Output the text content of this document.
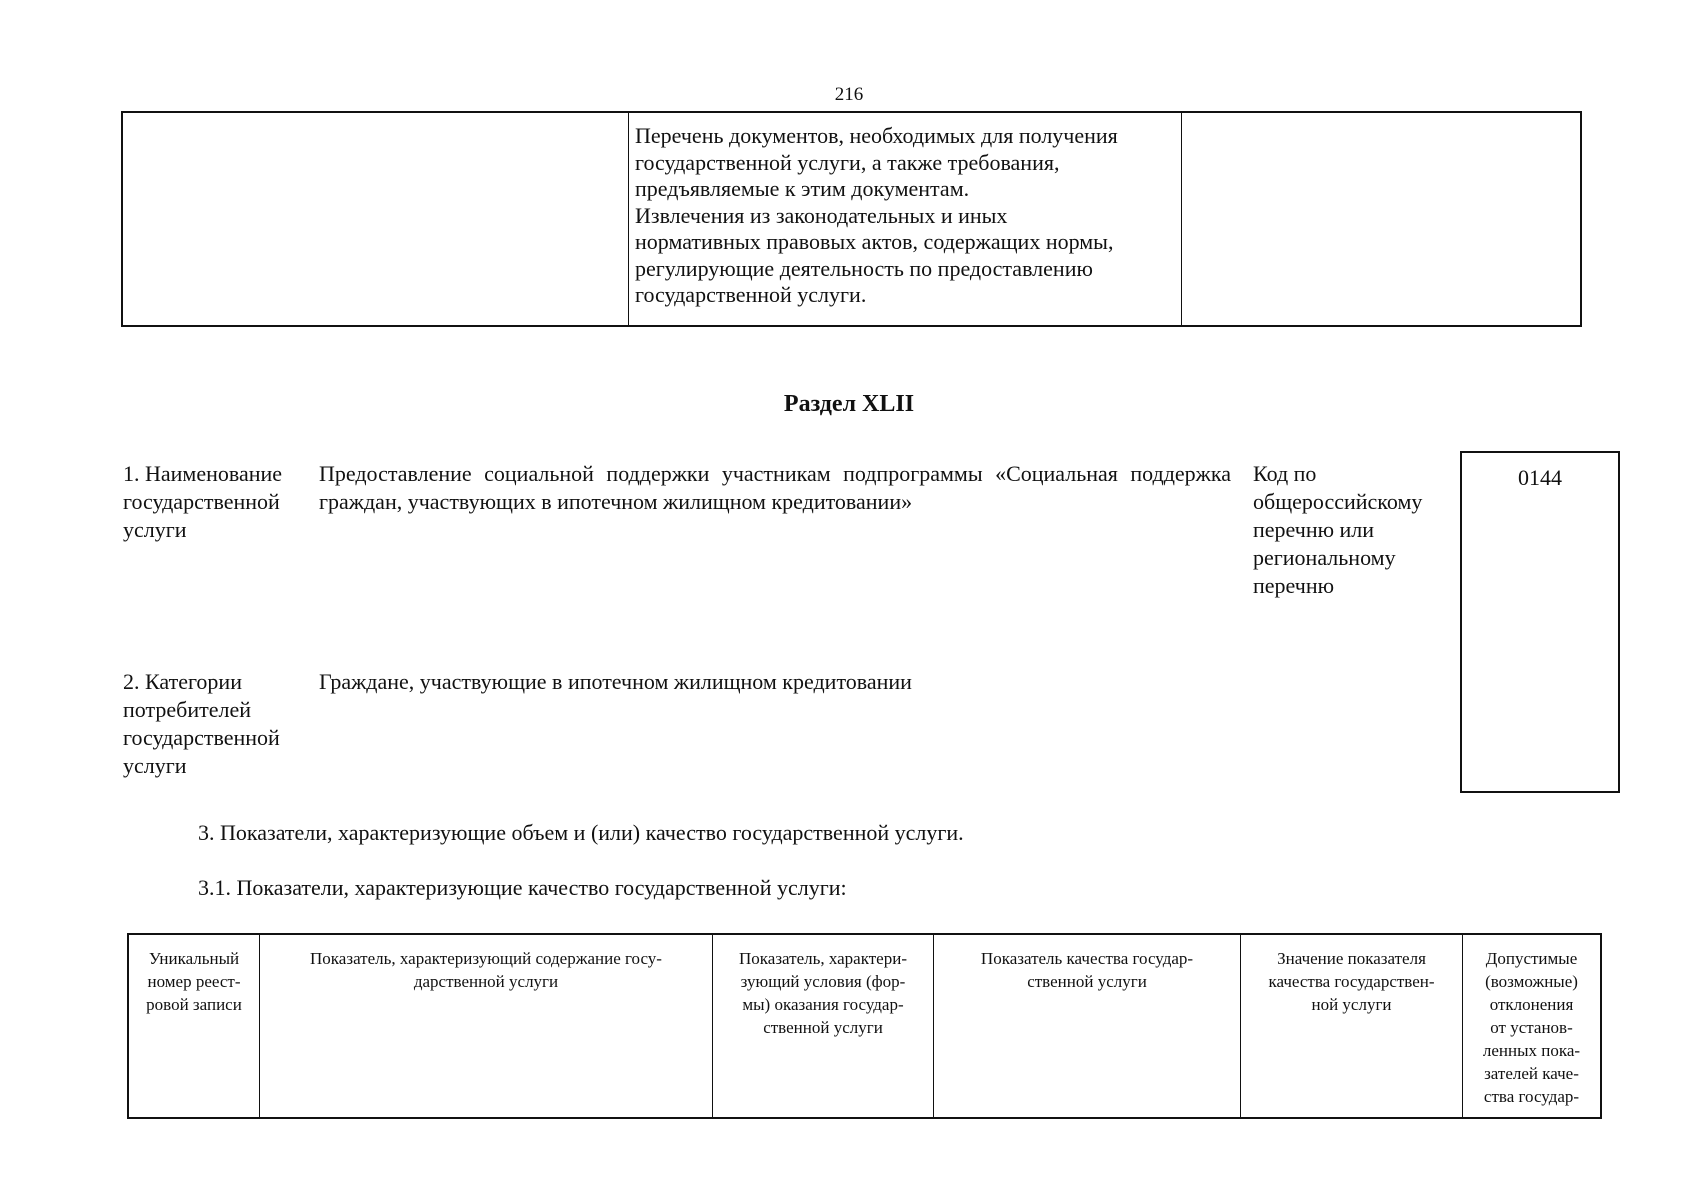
216
Перечень документов, необходимых для получения
государственной услуги, а также требования,
предъявляемые к этим документам.
Извлечения из законодательных и иных
нормативных правовых актов, содержащих нормы,
регулирующие деятельность по предоставлению
государственной услуги.
Раздел XLII
1. Наименование
государственной
услуги
Предоставление социальной поддержки участникам подпрограммы «Социальная поддержка граждан, участвующих в ипотечном жилищном кредитовании»
Код по
общероссийскому
перечню или
региональному
перечню
0144
2. Категории
потребителей
государственной
услуги
Граждане, участвующие в ипотечном жилищном кредитовании
3. Показатели, характеризующие объем и (или) качество государственной услуги.
3.1. Показатели, характеризующие качество государственной услуги:
Уникальный
номер реест-
ровой записи
Показатель, характеризующий содержание госу-
дарственной услуги
Показатель, характери-
зующий условия (фор-
мы) оказания государ-
ственной услуги
Показатель качества государ-
ственной услуги
Значение показателя
качества государствен-
ной услуги
Допустимые
(возможные)
отклонения
от установ-
ленных пока-
зателей каче-
ства государ-
